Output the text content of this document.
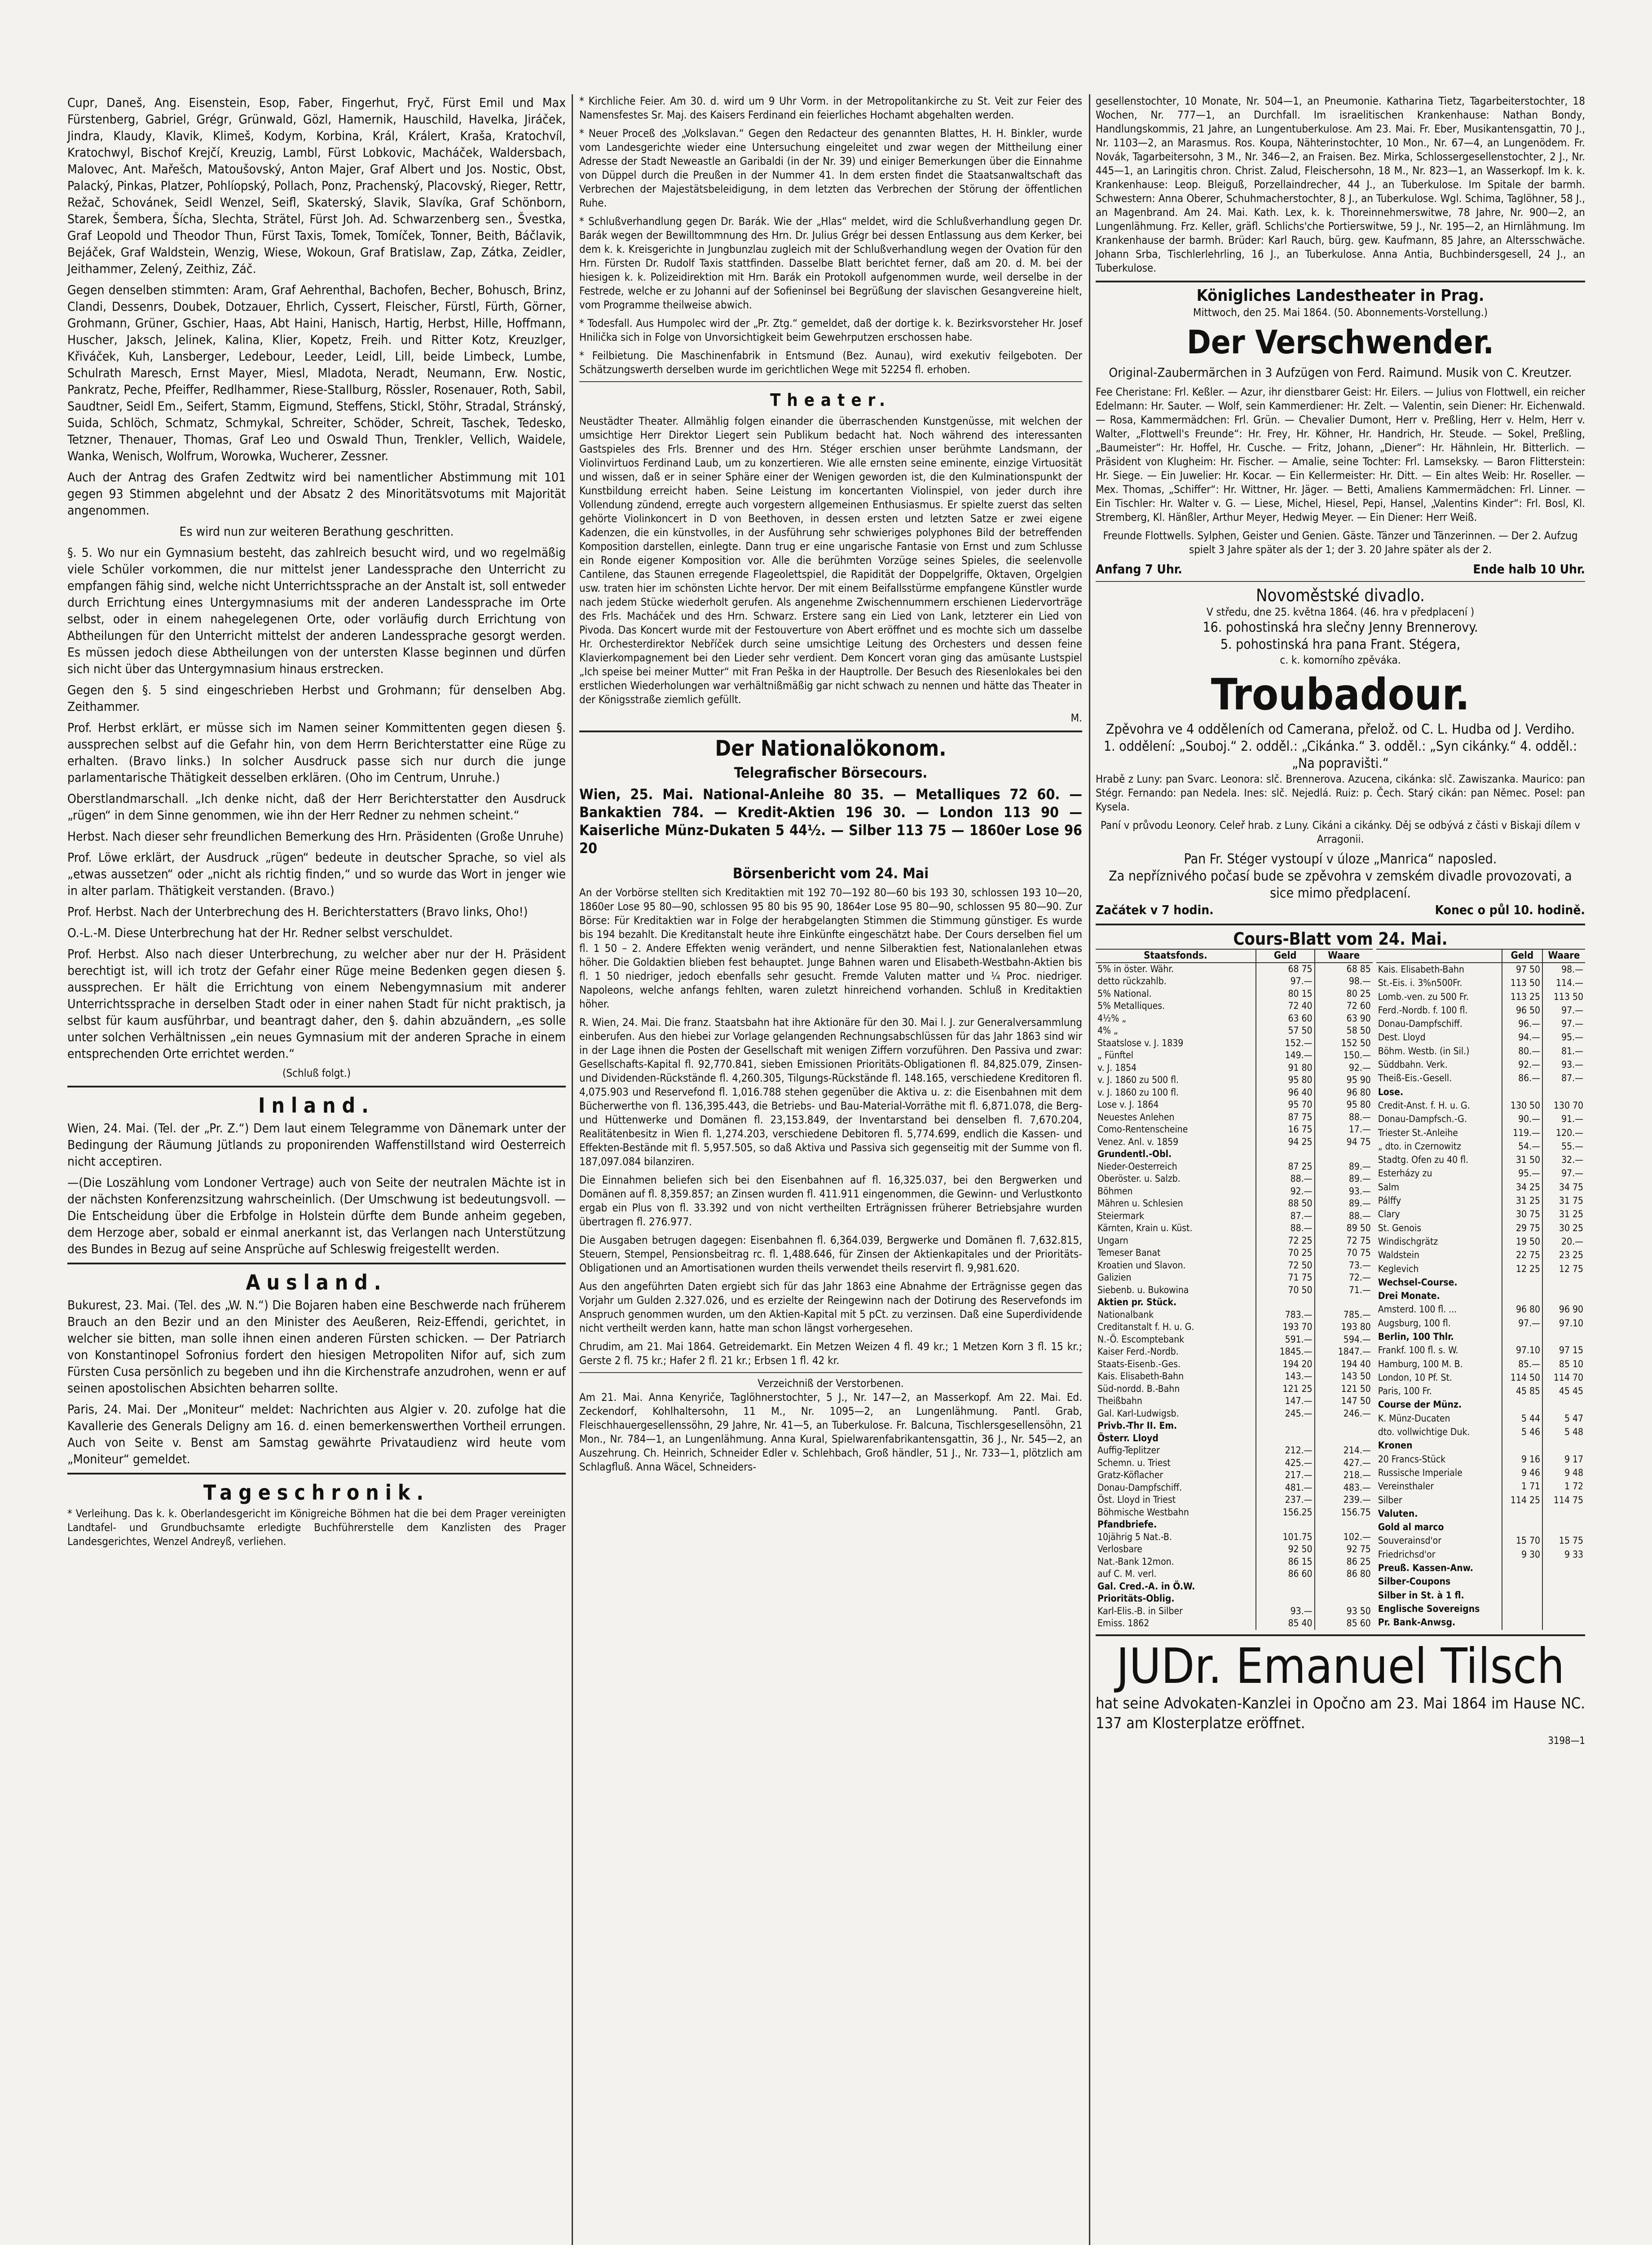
Cupr, Daneš, Ang. Eisenstein, Esop, Faber, Fingerhut, Fryč, Fürst Emil und Max Fürstenberg, Gabriel, Grégr, Grünwald, Gözl, Hamernik, Hauschild, Havelka, Jiráček, Jindra, Klaudy, Klavik, Klimeš, Kodym, Korbina, Král, Králert, Kraša, Kratochvíl, Kratochwyl, Bischof Krejčí, Kreuzig, Lambl, Fürst Lobkovic, Macháček, Waldersbach, Malovec, Ant. Mařešch, Matoušovský, Anton Majer, Graf Albert und Jos. Nostic, Obst, Palacký, Pinkas, Platzer, Pohlíopský, Pollach, Ponz, Prachenský, Placovský, Rieger, Rettr, Režač, Schovánek, Seidl Wenzel, Seifl, Skaterský, Slavik, Slavíka, Graf Schönborn, Starek, Šembera, Šícha, Slechta, Strätel, Fürst Joh. Ad. Schwarzenberg sen., Švestka, Graf Leopold und Theodor Thun, Fürst Taxis, Tomek, Tomíček, Tonner, Beith, Báčlavik, Bejáček, Graf Waldstein, Wenzig, Wiese, Wokoun, Graf Bratislaw, Zap, Zátka, Zeidler, Jeithammer, Zelený, Zeithiz, Záč.

Gegen denselben stimmten: Aram, Graf Aehrenthal, Bachofen, Becher, Bohusch, Brinz, Clandi, Dessenrs, Doubek, Dotzauer, Ehrlich, Cyssert, Fleischer, Fürstl, Fürth, Görner, Grohmann, Grüner, Gschier, Haas, Abt Haini, Hanisch, Hartig, Herbst, Hille, Hoffmann, Huscher, Jaksch, Jelinek, Kalina, Klier, Kopetz, Freih. und Ritter Kotz, Kreuzlger, Křiváček, Kuh, Lansberger, Ledebour, Leeder, Leidl, Lill, beide Limbeck, Lumbe, Schulrath Maresch, Ernst Mayer, Miesl, Mladota, Neradt, Neumann, Erw. Nostic, Pankratz, Peche, Pfeiffer, Redlhammer, Riese-Stallburg, Rössler, Rosenauer, Roth, Sabil, Saudtner, Seidl Em., Seifert, Stamm, Eigmund, Steffens, Stickl, Stöhr, Stradal, Stránský, Suida, Schlöch, Schmatz, Schmykal, Schreiter, Schöder, Schreit, Taschek, Tedesko, Tetzner, Thenauer, Thomas, Graf Leo und Oswald Thun, Trenkler, Vellich, Waidele, Wanka, Wenisch, Wolfrum, Worowka, Wucherer, Zessner.

Auch der Antrag des Grafen Zedtwitz wird bei namentlicher Abstimmung mit 101 gegen 93 Stimmen abgelehnt und der Absatz 2 des Minoritätsvotums mit Majorität angenommen.

Es wird nun zur weiteren Berathung geschritten.

§. 5. Wo nur ein Gymnasium besteht, das zahlreich besucht wird, und wo regelmäßig viele Schüler vorkommen, die nur mittelst jener Landessprache den Unterricht zu empfangen fähig sind, welche nicht Unterrichtssprache an der Anstalt ist, soll entweder durch Errichtung eines Untergymnasiums mit der anderen Landessprache im Orte selbst, oder in einem nahegelegenen Orte, oder vorläufig durch Errichtung von Abtheilungen für den Unterricht mittelst der anderen Landessprache gesorgt werden. Es müssen jedoch diese Abtheilungen von der untersten Klasse beginnen und dürfen sich nicht über das Untergymnasium hinaus erstrecken.

Gegen den §. 5 sind eingeschrieben Herbst und Grohmann; für denselben Abg. Zeithammer.

Prof. Herbst erklärt, er müsse sich im Namen seiner Kommittenten gegen diesen §. aussprechen selbst auf die Gefahr hin, von dem Herrn Berichterstatter eine Rüge zu erhalten. (Bravo links.) In solcher Ausdruck passe sich nur durch die junge parlamentarische Thätigkeit desselben erklären. (Oho im Centrum, Unruhe.)

Oberstlandmarschall. „Ich denke nicht, daß der Herr Berichterstatter den Ausdruck „rügen“ in dem Sinne genommen, wie ihn der Herr Redner zu nehmen scheint.“

Herbst. Nach dieser sehr freundlichen Bemerkung des Hrn. Präsidenten (Große Unruhe)

Prof. Löwe erklärt, der Ausdruck „rügen“ bedeute in deutscher Sprache, so viel als „etwas aussetzen“ oder „nicht als richtig finden,“ und so wurde das Wort in jenger wie in alter parlam. Thätigkeit verstanden. (Bravo.)

Prof. Herbst. Nach der Unterbrechung des H. Berichterstatters (Bravo links, Oho!)

O.-L.-M. Diese Unterbrechung hat der Hr. Redner selbst verschuldet.

Prof. Herbst. Also nach dieser Unterbrechung, zu welcher aber nur der H. Präsident berechtigt ist, will ich trotz der Gefahr einer Rüge meine Bedenken gegen diesen §. aussprechen. Er hält die Errichtung von einem Nebengymnasium mit anderer Unterrichtssprache in derselben Stadt oder in einer nahen Stadt für nicht praktisch, ja selbst für kaum ausführbar, und beantragt daher, den §. dahin abzuändern, „es solle unter solchen Verhältnissen „ein neues Gymnasium mit der anderen Sprache in einem entsprechenden Orte errichtet werden.“

(Schluß folgt.)

Inland.

Wien, 24. Mai. (Tel. der „Pr. Z.“) Dem laut einem Telegramme von Dänemark unter der Bedingung der Räumung Jütlands zu proponirenden Waffenstillstand wird Oesterreich nicht acceptiren.

—(Die Loszählung vom Londoner Vertrage) auch von Seite der neutralen Mächte ist in der nächsten Konferenzsitzung wahrscheinlich. (Der Umschwung ist bedeutungsvoll. — Die Entscheidung über die Erbfolge in Holstein dürfte dem Bunde anheim gegeben, dem Herzoge aber, sobald er einmal anerkannt ist, das Verlangen nach Unterstützung des Bundes in Bezug auf seine Ansprüche auf Schleswig freigestellt werden.

Ausland.

Bukurest, 23. Mai. (Tel. des „W. N.“) Die Bojaren haben eine Beschwerde nach früherem Brauch an den Bezir und an den Minister des Aeußeren, Reiz-Effendi, gerichtet, in welcher sie bitten, man solle ihnen einen anderen Fürsten schicken. — Der Patriarch von Konstantinopel Sofronius fordert den hiesigen Metropoliten Nifor auf, sich zum Fürsten Cusa persönlich zu begeben und ihn die Kirchenstrafe anzudrohen, wenn er auf seinen apostolischen Absichten beharren sollte.

Paris, 24. Mai. Der „Moniteur“ meldet: Nachrichten aus Algier v. 20. zufolge hat die Kavallerie des Generals Deligny am 16. d. einen bemerkenswerthen Vortheil errungen. Auch von Seite v. Benst am Samstag gewährte Privataudienz wird heute vom „Moniteur“ gemeldet.

Tageschronik.

* Verleihung. Das k. k. Oberlandesgericht im Königreiche Böhmen hat die bei dem Prager vereinigten Landtafel- und Grundbuchsamte erledigte Buchführerstelle dem Kanzlisten des Prager Landesgerichtes, Wenzel Andreyß, verliehen.

* Kirchliche Feier. Am 30. d. wird um 9 Uhr Vorm. in der Metropolitankirche zu St. Veit zur Feier des Namensfestes Sr. Maj. des Kaisers Ferdinand ein feierliches Hochamt abgehalten werden.

* Neuer Proceß des „Volkslavan.“ Gegen den Redacteur des genannten Blattes, H. H. Binkler, wurde vom Landesgerichte wieder eine Untersuchung eingeleitet und zwar wegen der Mittheilung einer Adresse der Stadt Neweastle an Garibaldi (in der Nr. 39) und einiger Bemerkungen über die Einnahme von Düppel durch die Preußen in der Nummer 41. In dem ersten findet die Staatsanwaltschaft das Verbrechen der Majestätsbeleidigung, in dem letzten das Verbrechen der Störung der öffentlichen Ruhe.

* Schlußverhandlung gegen Dr. Barák. Wie der „Hlas“ meldet, wird die Schlußverhandlung gegen Dr. Barák wegen der Bewilltommnung des Hrn. Dr. Julius Grégr bei dessen Entlassung aus dem Kerker, bei dem k. k. Kreisgerichte in Jungbunzlau zugleich mit der Schlußverhandlung wegen der Ovation für den Hrn. Fürsten Dr. Rudolf Taxis stattfinden. Dasselbe Blatt berichtet ferner, daß am 20. d. M. bei der hiesigen k. k. Polizeidirektion mit Hrn. Barák ein Protokoll aufgenommen wurde, weil derselbe in der Festrede, welche er zu Johanni auf der Sofieninsel bei Begrüßung der slavischen Gesangvereine hielt, vom Programme theilweise abwich.

* Todesfall. Aus Humpolec wird der „Pr. Ztg.“ gemeldet, daß der dortige k. k. Bezirksvorsteher Hr. Josef Hnilička sich in Folge von Unvorsichtigkeit beim Gewehrputzen erschossen habe.

* Feilbietung. Die Maschinenfabrik in Entsmund (Bez. Aunau), wird exekutiv feilgeboten. Der Schätzungswerth derselben wurde im gerichtlichen Wege mit 52254 fl. erhoben.

Theater.

Neustädter Theater. Allmählig folgen einander die überraschenden Kunstgenüsse, mit welchen der umsichtige Herr Direktor Liegert sein Publikum bedacht hat. Noch während des interessanten Gastspieles des Frls. Brenner und des Hrn. Stéger erschien unser berühmte Landsmann, der Violinvirtuos Ferdinand Laub, um zu konzertieren. Wie alle ernsten seine eminente, einzige Virtuosität und wissen, daß er in seiner Sphäre einer der Wenigen geworden ist, die den Kulminationspunkt der Kunstbildung erreicht haben. Seine Leistung im koncertanten Violinspiel, von jeder durch ihre Vollendung zündend, erregte auch vorgestern allgemeinen Enthusiasmus. Er spielte zuerst das selten gehörte Violinkoncert in D von Beethoven, in dessen ersten und letzten Satze er zwei eigene Kadenzen, die ein künstvolles, in der Ausführung sehr schwieriges polyphones Bild der betreffenden Komposition darstellen, einlegte. Dann trug er eine ungarische Fantasie von Ernst und zum Schlusse ein Ronde eigener Komposition vor. Alle die berühmten Vorzüge seines Spieles, die seelenvolle Cantilene, das Staunen erregende Flageolettspiel, die Rapidität der Doppelgriffe, Oktaven, Orgelgien usw. traten hier im schönsten Lichte hervor. Der mit einem Beifallsstürme empfangene Künstler wurde nach jedem Stücke wiederholt gerufen. Als angenehme Zwischennummern erschienen Liedervorträge des Frls. Macháček und des Hrn. Schwarz. Erstere sang ein Lied von Lank, letzterer ein Lied von Pivoda. Das Koncert wurde mit der Festouverture von Abert eröffnet und es mochte sich um dasselbe Hr. Orchesterdirektor Nebříček durch seine umsichtige Leitung des Orchesters und dessen feine Klavierkompagnement bei den Lieder sehr verdient. Dem Koncert voran ging das amüsante Lustspiel „Ich speise bei meiner Mutter“ mit Fran Peška in der Hauptrolle. Der Besuch des Riesenlokales bei den erstlichen Wiederholungen war verhältnißmäßig gar nicht schwach zu nennen und hätte das Theater in der Königsstraße ziemlich gefüllt.

M.

Der Nationalökonom.
Telegrafischer Börsecours.

Wien, 25. Mai. National-Anleihe 80 35. — Metalliques 72 60. — Bankaktien 784. — Kredit-Aktien 196 30. — London 113 90 — Kaiserliche Münz-Dukaten 5 44½. — Silber 113 75 — 1860er Lose 96 20

Börsenbericht vom 24. Mai

An der Vorbörse stellten sich Kreditaktien mit 192 70—192 80—60 bis 193 30, schlossen 193 10—20, 1860er Lose 95 80—90, schlossen 95 80 bis 95 90, 1864er Lose 95 80—90, schlossen 95 80—90. Zur Börse: Für Kreditaktien war in Folge der herabgelangten Stimmen die Stimmung günstiger. Es wurde bis 194 bezahlt. Die Kreditanstalt heute ihre Einkünfte eingeschätzt habe. Der Cours derselben fiel um fl. 1 50 – 2. Andere Effekten wenig verändert, und nenne Silberaktien fest, Nationalanlehen etwas höher. Die Goldaktien blieben fest behauptet. Junge Bahnen waren und Elisabeth-Westbahn-Aktien bis fl. 1 50 niedriger, jedoch ebenfalls sehr gesucht. Fremde Valuten matter und ¼ Proc. niedriger. Napoleons, welche anfangs fehlten, waren zuletzt hinreichend vorhanden. Schluß in Kreditaktien höher.

R. Wien, 24. Mai. Die franz. Staatsbahn hat ihre Aktionäre für den 30. Mai l. J. zur Generalversammlung einberufen. Aus den hiebei zur Vorlage gelangenden Rechnungsabschlüssen für das Jahr 1863 sind wir in der Lage ihnen die Posten der Gesellschaft mit wenigen Ziffern vorzuführen. Den Passiva und zwar: Gesellschafts-Kapital fl. 92,770.841, sieben Emissionen Prioritäts-Obligationen fl. 84,825.079, Zinsen- und Dividenden-Rückstände fl. 4,260.305, Tilgungs-Rückstände fl. 148.165, verschiedene Kreditoren fl. 4,075.903 und Reservefond fl. 1,016.788 stehen gegenüber die Aktiva u. z: die Eisenbahnen mit dem Bücherwerthe von fl. 136,395.443, die Betriebs- und Bau-Material-Vorräthe mit fl. 6,871.078, die Berg- und Hüttenwerke und Domänen fl. 23,153.849, der Inventarstand bei denselben fl. 7,670.204, Realitätenbesitz in Wien fl. 1,274.203, verschiedene Debitoren fl. 5,774.699, endlich die Kassen- und Effekten-Bestände mit fl. 5,957.505, so daß Aktiva und Passiva sich gegenseitig mit der Summe von fl. 187,097.084 bilanziren.

Die Einnahmen beliefen sich bei den Eisenbahnen auf fl. 16,325.037, bei den Bergwerken und Domänen auf fl. 8,359.857; an Zinsen wurden fl. 411.911 eingenommen, die Gewinn- und Verlustkonto ergab ein Plus von fl. 33.392 und von nicht vertheilten Erträgnissen früherer Betriebsjahre wurden übertragen fl. 276.977.

Die Ausgaben betrugen dagegen: Eisenbahnen fl. 6,364.039, Bergwerke und Domänen fl. 7,632.815, Steuern, Stempel, Pensionsbeitrag rc. fl. 1,488.646, für Zinsen der Aktienkapitales und der Prioritäts-Obligationen und an Amortisationen wurden theils verwendet theils reservirt fl. 9,981.620.

Aus den angeführten Daten ergiebt sich für das Jahr 1863 eine Abnahme der Erträgnisse gegen das Vorjahr um Gulden 2.327.026, und es erzielte der Reingewinn nach der Dotirung des Reservefonds im Anspruch genommen wurden, um den Aktien-Kapital mit 5 pCt. zu verzinsen. Daß eine Superdividende nicht vertheilt werden kann, hatte man schon längst vorhergesehen.

Chrudim, am 21. Mai 1864. Getreidemarkt. Ein Metzen Weizen 4 fl. 49 kr.; 1 Metzen Korn 3 fl. 15 kr.; Gerste 2 fl. 75 kr.; Hafer 2 fl. 21 kr.; Erbsen 1 fl. 42 kr.

Verzeichniß der Verstorbenen.

Am 21. Mai. Anna Kenyriče, Taglöhnerstochter, 5 J., Nr. 147—2, an Masserkopf. Am 22. Mai. Ed. Zeckendorf, Kohlhaltersohn, 11 M., Nr. 1095—2, an Lungenlähmung. Pantl. Grab, Fleischhauergesellenssöhn, 29 Jahre, Nr. 41—5, an Tuberkulose. Fr. Balcuna, Tischlersgesellensöhn, 21 Mon., Nr. 784—1, an Lungenlähmung. Anna Kural, Spielwarenfabrikantensgattin, 36 J., Nr. 545—2, an Auszehrung. Ch. Heinrich, Schneider Edler v. Schlehbach, Groß händler, 51 J., Nr. 733—1, plötzlich am Schlagfluß. Anna Wäcel, Schneiders-

gesellenstochter, 10 Monate, Nr. 504—1, an Pneumonie. Katharina Tietz, Tagarbeiterstochter, 18 Wochen, Nr. 777—1, an Durchfall. Im israelitischen Krankenhause: Nathan Bondy, Handlungskommis, 21 Jahre, an Lungentuberkulose. Am 23. Mai. Fr. Eber, Musikantensgattin, 70 J., Nr. 1103—2, an Marasmus. Ros. Koupa, Nähterinstochter, 10 Mon., Nr. 67—4, an Lungenödem. Fr. Novák, Tagarbeitersohn, 3 M., Nr. 346—2, an Fraisen. Bez. Mirka, Schlossergesellenstochter, 2 J., Nr. 445—1, an Laringitis chron. Christ. Zalud, Fleischersohn, 18 M., Nr. 823—1, an Wasserkopf. Im k. k. Krankenhause: Leop. Bleiguß, Porzellaindrecher, 44 J., an Tuberkulose. Im Spitale der barmh. Schwestern: Anna Oberer, Schuhmacherstochter, 8 J., an Tuberkulose. Wgl. Schima, Taglöhner, 58 J., an Magenbrand. Am 24. Mai. Kath. Lex, k. k. Thoreinnehmerswitwe, 78 Jahre, Nr. 900—2, an Lungenlähmung. Frz. Keller, gräfl. Schlichs'che Portierswitwe, 59 J., Nr. 195—2, an Hirnlähmung. Im Krankenhause der barmh. Brüder: Karl Rauch, bürg. gew. Kaufmann, 85 Jahre, an Altersschwäche. Johann Srba, Tischlerlehrling, 16 J., an Tuberkulose. Anna Antia, Buchbindersgesell, 24 J., an Tuberkulose.

Königliches Landestheater in Prag.
Mittwoch, den 25. Mai 1864. (50. Abonnements-Vorstellung.)
Der Verschwender.
Original-Zaubermärchen in 3 Aufzügen von Ferd. Raimund. Musik von C. Kreutzer.

Fee Cheristane: Frl. Keßler. — Azur, ihr dienstbarer Geist: Hr. Eilers. — Julius von Flottwell, ein reicher Edelmann: Hr. Sauter. — Wolf, sein Kammerdiener: Hr. Zelt. — Valentin, sein Diener: Hr. Eichenwald. — Rosa, Kammermädchen: Frl. Grün. — Chevalier Dumont, Herr v. Preßling, Herr v. Helm, Herr v. Walter, „Flottwell's Freunde“: Hr. Frey, Hr. Köhner, Hr. Handrich, Hr. Steude. — Sokel, Preßling, „Baumeister“: Hr. Hoffel, Hr. Cusche. — Fritz, Johann, „Diener“: Hr. Hähnlein, Hr. Bitterlich. — Präsident von Klugheim: Hr. Fischer. — Amalie, seine Tochter: Frl. Lamseksky. — Baron Flitterstein: Hr. Siege. — Ein Juwelier: Hr. Kocar. — Ein Kellermeister: Hr. Ditt. — Ein altes Weib: Hr. Roseller. — Mex. Thomas, „Schiffer“: Hr. Wittner, Hr. Jäger. — Betti, Amaliens Kammermädchen: Frl. Linner. — Ein Tischler: Hr. Walter v. G. — Liese, Michel, Hiesel, Pepi, Hansel, „Valentins Kinder“: Frl. Bosl, Kl. Stremberg, Kl. Hänßler, Arthur Meyer, Hedwig Meyer. — Ein Diener: Herr Weiß.

Freunde Flottwells. Sylphen, Geister und Genien. Gäste. Tänzer und Tänzerinnen. — Der 2. Aufzug spielt 3 Jahre später als der 1; der 3. 20 Jahre später als der 2.

Anfang 7 Uhr.	Ende halb 10 Uhr.
Novoměstské divadlo.
V středu, dne 25. května 1864. (46. hra v předplacení )
16. pohostinská hra slečny Jenny Brennerovy.
5. pohostinská hra pana Frant. Stégera,
c. k. komorního zpěváka.
Troubadour.
Zpěvohra ve 4 odděleních od Camerana, přelož. od C. L. Hudba od J. Verdiho.
1. oddělení: „Souboj.“ 2. odděl.: „Cikánka.“ 3. odděl.: „Syn cikánky.“ 4. odděl.: „Na popravišti.“

Hrabě z Luny: pan Svarc. Leonora: slč. Brennerova. Azucena, cikánka: slč. Zawiszanka. Maurico: pan Stégr. Fernando: pan Nedela. Ines: slč. Nejedlá. Ruiz: p. Čech. Starý cikán: pan Němec. Posel: pan Kysela.

Paní v průvodu Leonory. Celeř hrab. z Luny. Cikáni a cikánky. Děj se odbývá z části v Biskaji dílem v Arragonii.

Pan Fr. Stéger vystoupí v úloze „Manrica“ naposled.
Za nepříznivého počasí bude se zpěvohra v zemském divadle provozovati, a sice mimo předplacení.
Začátek v 7 hodin.	Konec o půl 10. hodině.
Cours-Blatt vom 24. Mai.
Staatsfonds.	Geld	Waare
5% in öster. Währ.	68 75	68 85
detto rückzahlb.	97.—	98.—
5% National.	80 15	80 25
5% Metalliques.	72 40	72 60
4½% „	63 60	63 90
4% „	57 50	58 50
Staatslose v. J. 1839	152.—	152 50
„ Fünftel	149.—	150.—
v. J. 1854	91 80	92.—
v. J. 1860 zu 500 fl.	95 80	95 90
v. J. 1860 zu 100 fl.	96 40	96 80
Lose v. J. 1864	95 70	95 80
Neuestes Anlehen	87 75	88.—
Como-Rentenscheine	16 75	17.—
Venez. Anl. v. 1859	94 25	94 75
Grundentl.-Obl.		
Nieder-Oesterreich	87 25	89.—
Oberöster. u. Salzb.	88.—	89.—
Böhmen	92.—	93.—
Mähren u. Schlesien	88 50	89.—
Steiermark	87.—	88.—
Kärnten, Krain u. Küst.	88.—	89 50
Ungarn	72 25	72 75
Temeser Banat	70 25	70 75
Kroatien und Slavon.	72 50	73.—
Galizien	71 75	72.—
Siebenb. u. Bukowina	70 50	71.—
Aktien pr. Stück.		
Nationalbank	783.—	785.—
Creditanstalt f. H. u. G.	193 70	193 80
N.-Ö. Escomptebank	591.—	594.—
Kaiser Ferd.-Nordb.	1845.—	1847.—
Staats-Eisenb.-Ges.	194 20	194 40
Kais. Elisabeth-Bahn	143.—	143 50
Süd-nordd. B.-Bahn	121 25	121 50
Theißbahn	147.—	147 50
Gal. Karl-Ludwigsb.	245.—	246.—
Privb.-Thr II. Em.		
Österr. Lloyd		
Auffig-Teplitzer	212.—	214.—
Schemn. u. Triest	425.—	427.—
Gratz-Köflacher	217.—	218.—
Donau-Dampfschiff.	481.—	483.—
Öst. Lloyd in Triest	237.—	239.—
Böhmische Westbahn	156.25	156.75
Pfandbriefe.		
10jährig 5 Nat.-B.	101.75	102.—
Verlosbare	92 50	92 75
Nat.-Bank 12mon.	86 15	86 25
auf C. M. verl.	86 60	86 80
Gal. Cred.-A. in Ö.W.		
Prioritäts-Oblig.		
Karl-Elis.-B. in Silber	93.—	93 50
Emiss. 1862	85 40	85 60
	Geld	Waare
Kais. Elisabeth-Bahn	97 50	98.—
St.-Eis. i. 3%n500Fr.	113 50	114.—
Lomb.-ven. zu 500 Fr.	113 25	113 50
Ferd.-Nordb. f. 100 fl.	96 50	97.—
Donau-Dampfschiff.	96.—	97.—
Dest. Lloyd	94.—	95.—
Böhm. Westb. (in Sil.)	80.—	81.—
Süddbahn. Verk.	92.—	93.—
Theiß-Eis.-Gesell.	86.—	87.—
Lose.		
Credit-Anst. f. H. u. G.	130 50	130 70
Donau-Dampfsch.-G.	90.—	91.—
Triester St.-Anleihe	119.—	120.—
„ dto. in Czernowitz	54.—	55.—
Stadtg. Ofen zu 40 fl.	31 50	32.—
Esterházy zu	95.—	97.—
Salm	34 25	34 75
Pálffy	31 25	31 75
Clary	30 75	31 25
St. Genois	29 75	30 25
Windischgrätz	19 50	20.—
Waldstein	22 75	23 25
Keglevich	12 25	12 75
Wechsel-Course.		
Drei Monate.		
Amsterd. 100 fl. ...	96 80	96 90
Augsburg, 100 fl.	97.—	97.10
Berlin, 100 Thlr.		
Frankf. 100 fl. s. W.	97.10	97 15
Hamburg, 100 M. B.	85.—	85 10
London, 10 Pf. St.	114 50	114 70
Paris, 100 Fr.	45 85	45 45
Course der Münz.		
K. Münz-Ducaten	5 44	5 47
dto. vollwichtige Duk.	5 46	5 48
Kronen		
20 Francs-Stück	9 16	9 17
Russische Imperiale	9 46	9 48
Vereinsthaler	1 71	1 72
Silber	114 25	114 75
Valuten.		
Gold al marco		
Souverainsd'or	15 70	15 75
Friedrichsd'or	9 30	9 33
Preuß. Kassen-Anw.		
Silber-Coupons		
Silber in St. à 1 fl.		
Englische Sovereigns		
Pr. Bank-Anwsg.		
JUDr. Emanuel Tilsch
hat seine Advokaten-Kanzlei in Opočno am 23. Mai 1864 im Hause NC. 137 am Klosterplatze eröffnet.
3198—1
